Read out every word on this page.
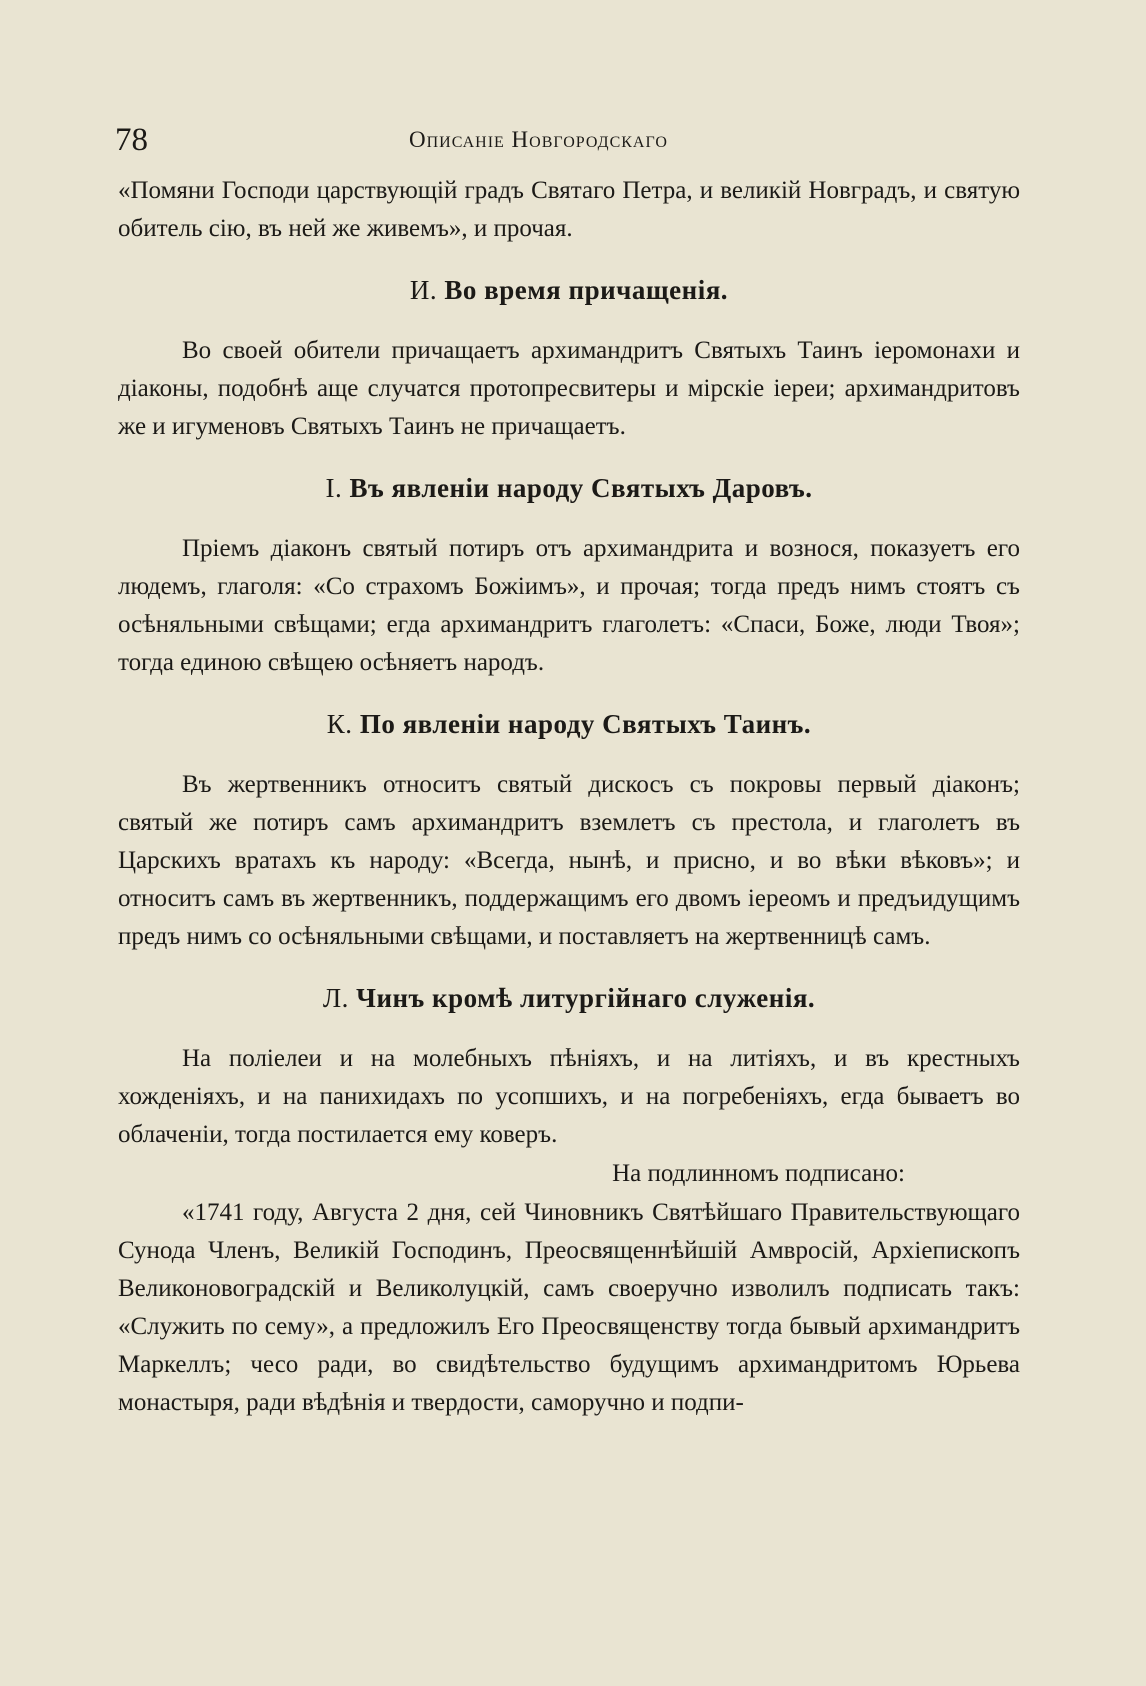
78	Описаніе Новгородскаго

«Помяни Господи царствующій градъ Святаго Петра, и великій Новградъ, и святую обитель сію, въ ней же живемъ», и прочая.

И. Во время причащенія.

Во своей обители причащаетъ архимандритъ Святыхъ Таинъ іеромонахи и діаконы, подобнѣ аще случатся протопресвитеры и мірскіе іереи; архимандритовъ же и игуменовъ Святыхъ Таинъ не причащаетъ.

І. Въ явленіи народу Святыхъ Даровъ.

Пріемъ діаконъ святый потиръ отъ архимандрита и вознося, показуетъ его людемъ, глаголя: «Со страхомъ Божіимъ», и прочая; тогда предъ нимъ стоятъ съ осѣняльными свѣщами; егда архимандритъ глаголетъ: «Спаси, Боже, люди Твоя»; тогда единою свѣщею осѣняетъ народъ.

К. По явленіи народу Святыхъ Таинъ.

Въ жертвенникъ относитъ святый дискосъ съ покровы первый діаконъ; святый же потиръ самъ архимандритъ вземлетъ съ престола, и глаголетъ въ Царскихъ вратахъ къ народу: «Всегда, нынѣ, и присно, и во вѣки вѣковъ»; и относитъ самъ въ жертвенникъ, поддержащимъ его двомъ іереомъ и предъидущимъ предъ нимъ со осѣняльными свѣщами, и поставляетъ на жертвенницѣ самъ.

Л. Чинъ кромѣ литургійнаго служенія.

На поліелеи и на молебныхъ пѣніяхъ, и на литіяхъ, и въ крестныхъ хожденіяхъ, и на панихидахъ по усопшихъ, и на погребеніяхъ, егда бываетъ во облаченіи, тогда постилается ему коверъ.

На подлинномъ подписано:

«1741 году, Августа 2 дня, сей Чиновникъ Святѣйшаго Правительствующаго Сунода Членъ, Великій Господинъ, Преосвященнѣйшій Амвросій, Архіепископъ Великоновоградскій и Великолуцкій, самъ своеручно изволилъ подписать такъ: «Служить по сему», а предложилъ Его Преосвященству тогда бывый архимандритъ Маркеллъ; чесо ради, во свидѣтельство будущимъ архимандритомъ Юрьева монастыря, ради вѣдѣнія и твердости, саморучно и подпи-
